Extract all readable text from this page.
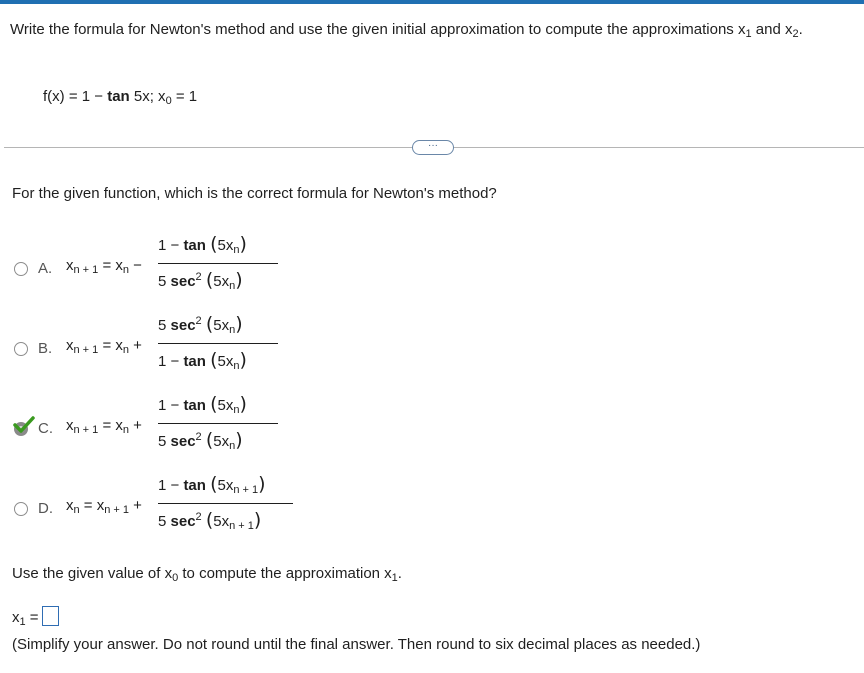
Write the formula for Newton's method and use the given initial approximation to compute the approximations $x_1$ and $x_2$.
f(x) = 1 − tan 5x; $x_0 = 1$
···
For the given function, which is the correct formula for Newton's method?
A. $x_{n + 1} = x_n$ −
$1 - \tan (5x_n)$
5 $\sec^2 (5x_n)$
B. $x_{n + 1} = x_n$ +
5 $\sec^2 (5x_n)$
$1 - \tan (5x_n)$
C. $x_{n + 1} = x_n$ +
$1 - \tan (5x_n)$
5 $\sec^2 (5x_n)$
D. $x_n = x_{n + 1}$ +
$1 - \tan (5x_{n + 1})$
5 $\sec^2 (5x_{n + 1})$
Use the given value of $x_0$ to compute the approximation $x_1$.
$x_1$ =
(Simplify your answer. Do not round until the final answer. Then round to six decimal places as needed.)
